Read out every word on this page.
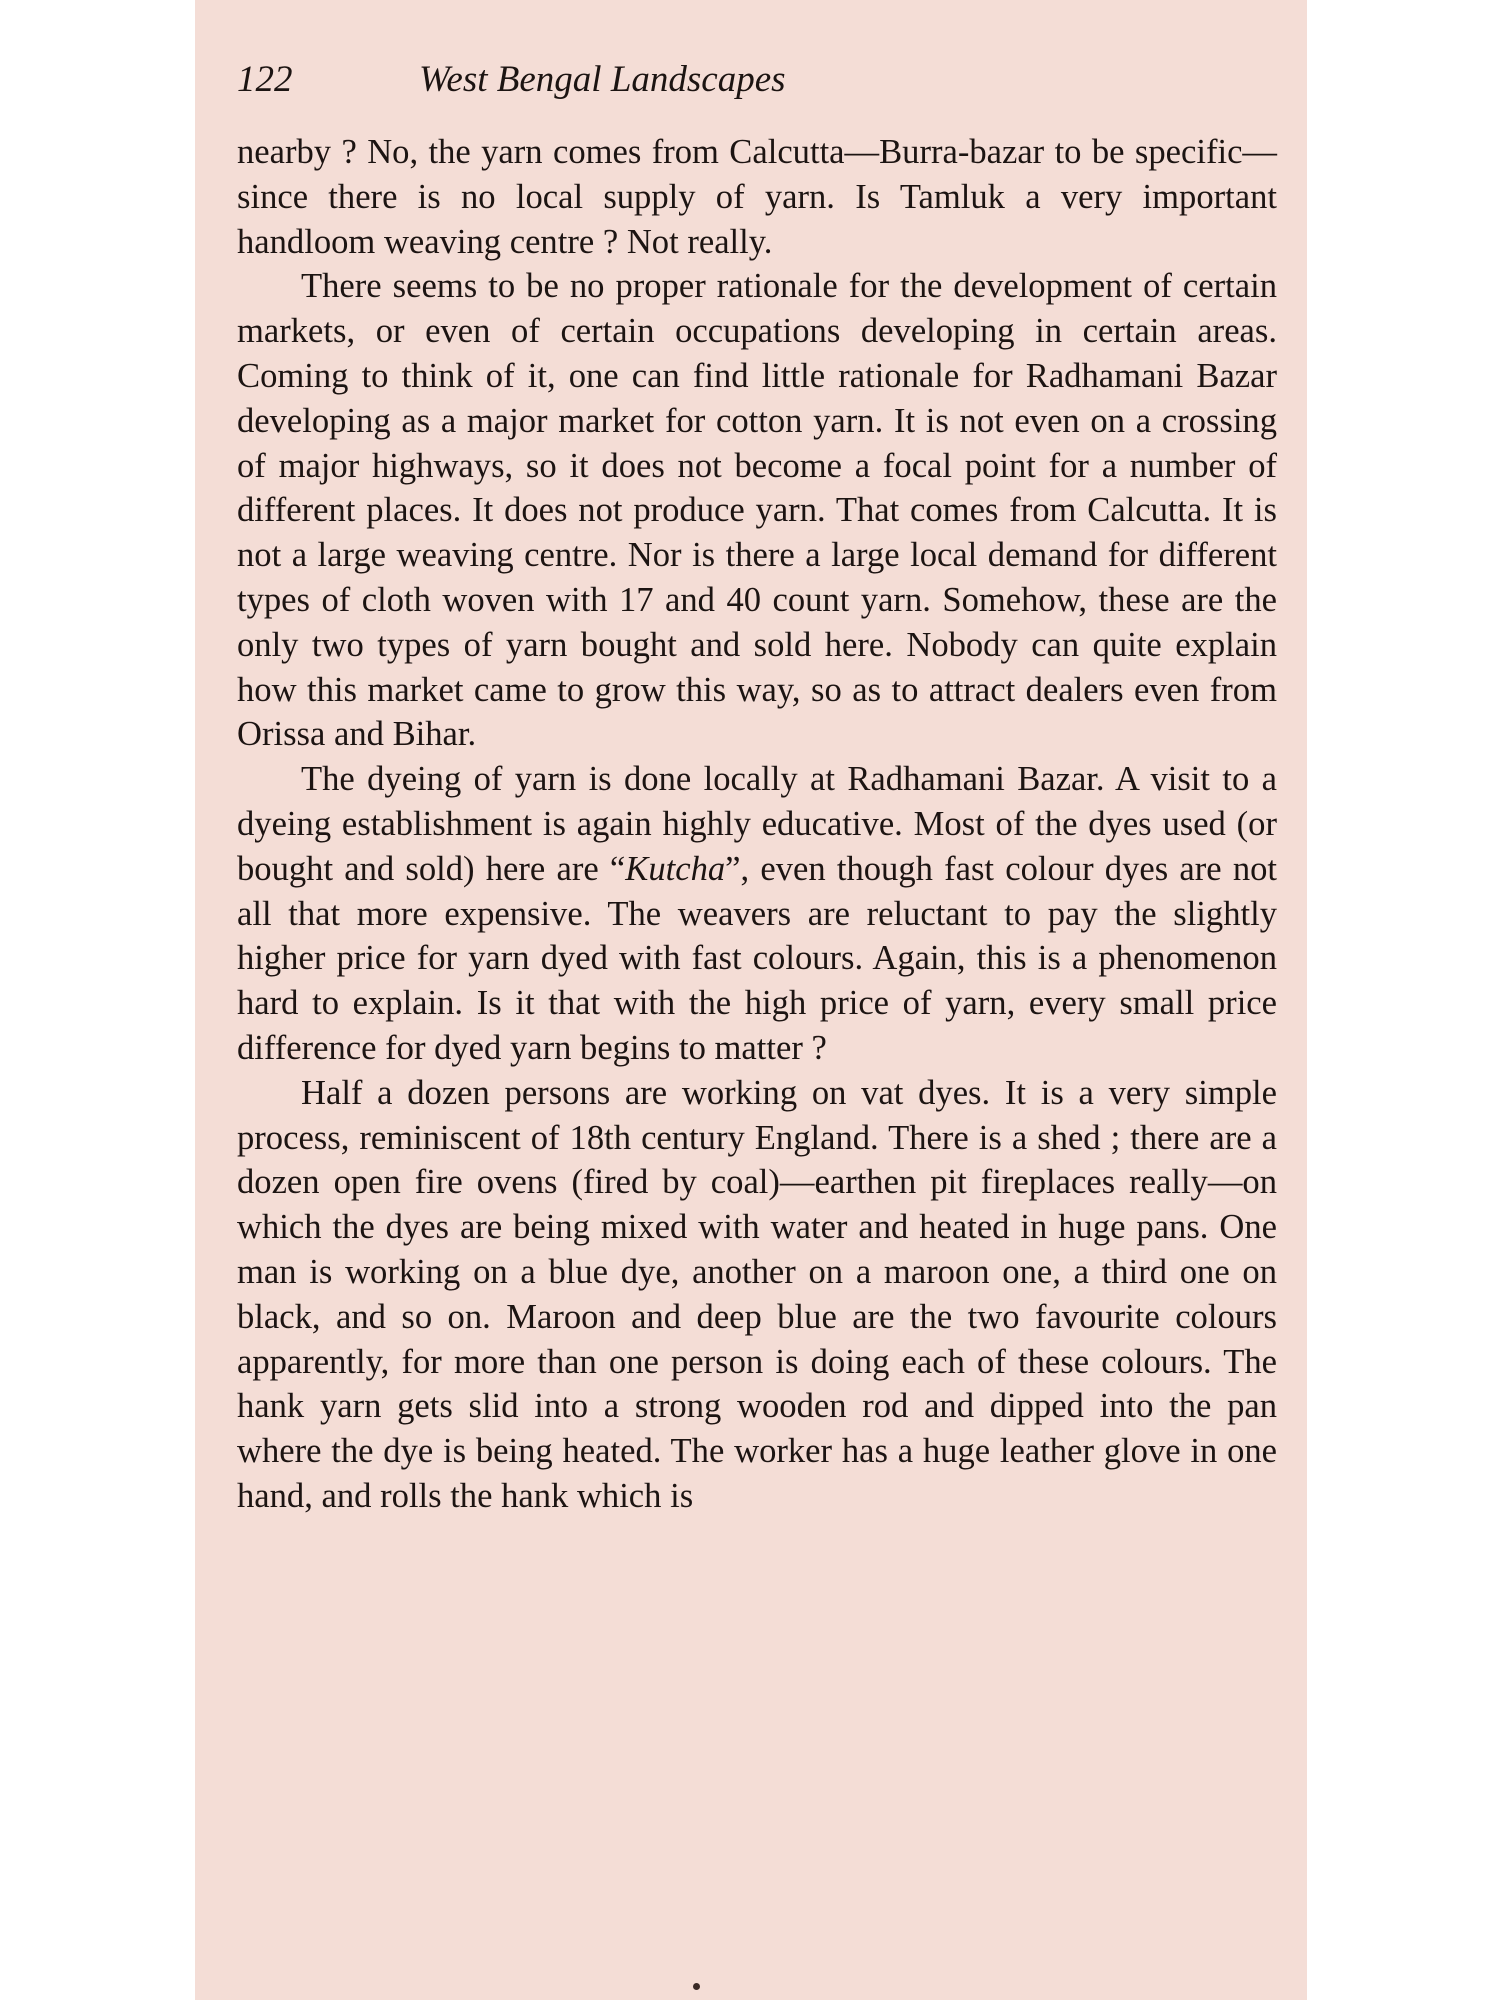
122	West Bengal Landscapes

nearby ? No, the yarn comes from Calcutta—Burra-bazar to be specific—since there is no local supply of yarn. Is Tamluk a very important handloom weaving centre ? Not really.

There seems to be no proper rationale for the development of certain markets, or even of certain occupations developing in certain areas. Coming to think of it, one can find little rationale for Radhamani Bazar developing as a major market for cotton yarn. It is not even on a crossing of major highways, so it does not become a focal point for a number of different places. It does not produce yarn. That comes from Calcutta. It is not a large weaving centre. Nor is there a large local demand for different types of cloth woven with 17 and 40 count yarn. Somehow, these are the only two types of yarn bought and sold here. Nobody can quite explain how this market came to grow this way, so as to attract dealers even from Orissa and Bihar.

The dyeing of yarn is done locally at Radhamani Bazar. A visit to a dyeing establishment is again highly educative. Most of the dyes used (or bought and sold) here are “Kutcha”, even though fast colour dyes are not all that more expensive. The weavers are reluctant to pay the slightly higher price for yarn dyed with fast colours. Again, this is a phenomenon hard to explain. Is it that with the high price of yarn, every small price difference for dyed yarn begins to matter ?

Half a dozen persons are working on vat dyes. It is a very simple process, reminiscent of 18th century England. There is a shed ; there are a dozen open fire ovens (fired by coal)—earthen pit fireplaces really—on which the dyes are being mixed with water and heated in huge pans. One man is working on a blue dye, another on a maroon one, a third one on black, and so on. Maroon and deep blue are the two favourite colours apparently, for more than one person is doing each of these colours. The hank yarn gets slid into a strong wooden rod and dipped into the pan where the dye is being heated. The worker has a huge leather glove in one hand, and rolls the hank which is
